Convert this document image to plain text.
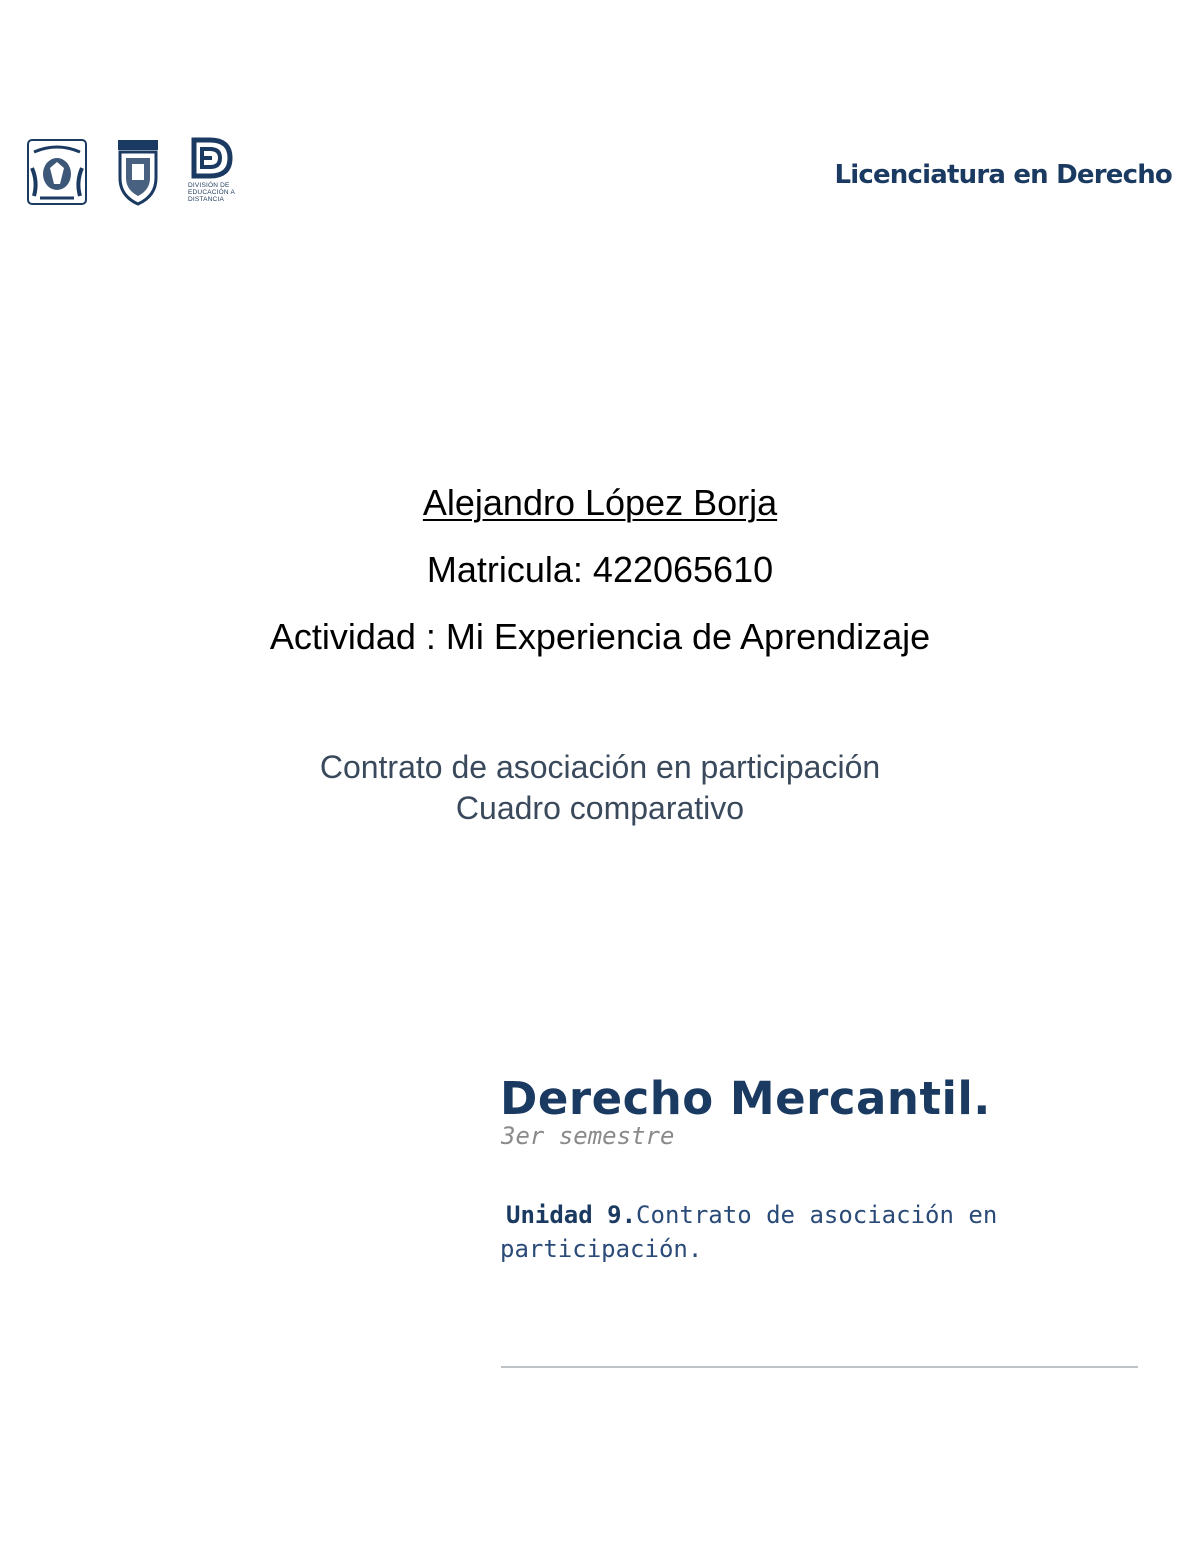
DIVISIÓN DE EDUCACIÓN A DISTANCIA
Licenciatura en Derecho
Alejandro López Borja
Matricula: 422065610
Actividad : Mi Experiencia de Aprendizaje
Contrato de asociación en participación
Cuadro comparativo
Derecho Mercantil.
3er semestre
Unidad 9.Contrato de asociación en participación.
